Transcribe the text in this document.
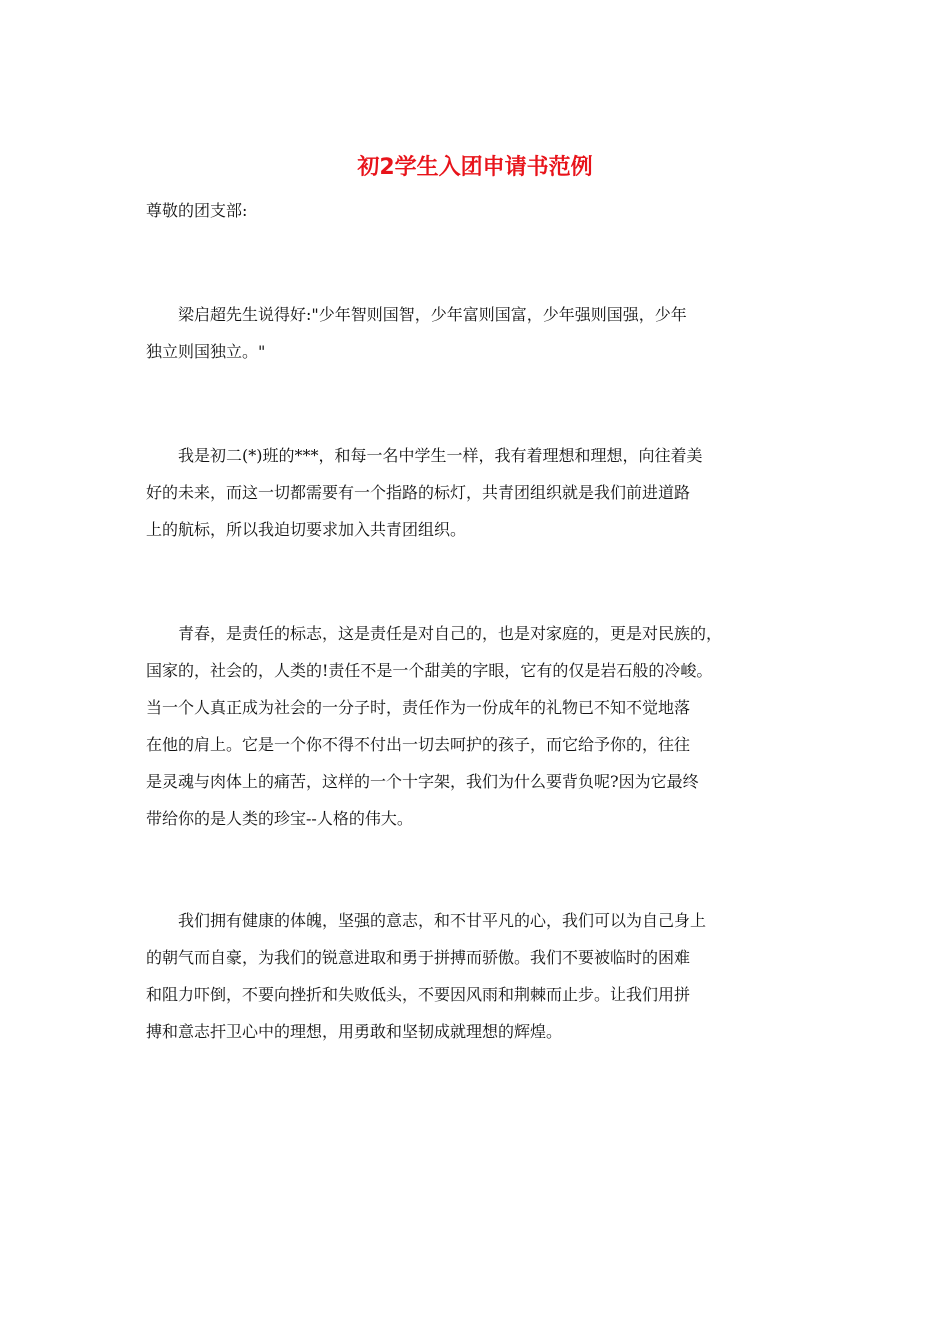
初2学生入团申请书范例

尊敬的团支部:

　　梁启超先生说得好:"少年智则国智，少年富则国富，少年强则国强，少年
独立则国独立。"

　　我是初二(*)班的***，和每一名中学生一样，我有着理想和理想，向往着美
好的未来，而这一切都需要有一个指路的标灯，共青团组织就是我们前进道路
上的航标，所以我迫切要求加入共青团组织。

　　青春，是责任的标志，这是责任是对自己的，也是对家庭的，更是对民族的，
国家的，社会的，人类的!责任不是一个甜美的字眼，它有的仅是岩石般的冷峻。
当一个人真正成为社会的一分子时，责任作为一份成年的礼物已不知不觉地落
在他的肩上。它是一个你不得不付出一切去呵护的孩子，而它给予你的，往往
是灵魂与肉体上的痛苦，这样的一个十字架，我们为什么要背负呢?因为它最终
带给你的是人类的珍宝--人格的伟大。

　　我们拥有健康的体魄，坚强的意志，和不甘平凡的心，我们可以为自己身上
的朝气而自豪，为我们的锐意进取和勇于拼搏而骄傲。我们不要被临时的困难
和阻力吓倒，不要向挫折和失败低头，不要因风雨和荆棘而止步。让我们用拼
搏和意志扞卫心中的理想，用勇敢和坚韧成就理想的辉煌。
